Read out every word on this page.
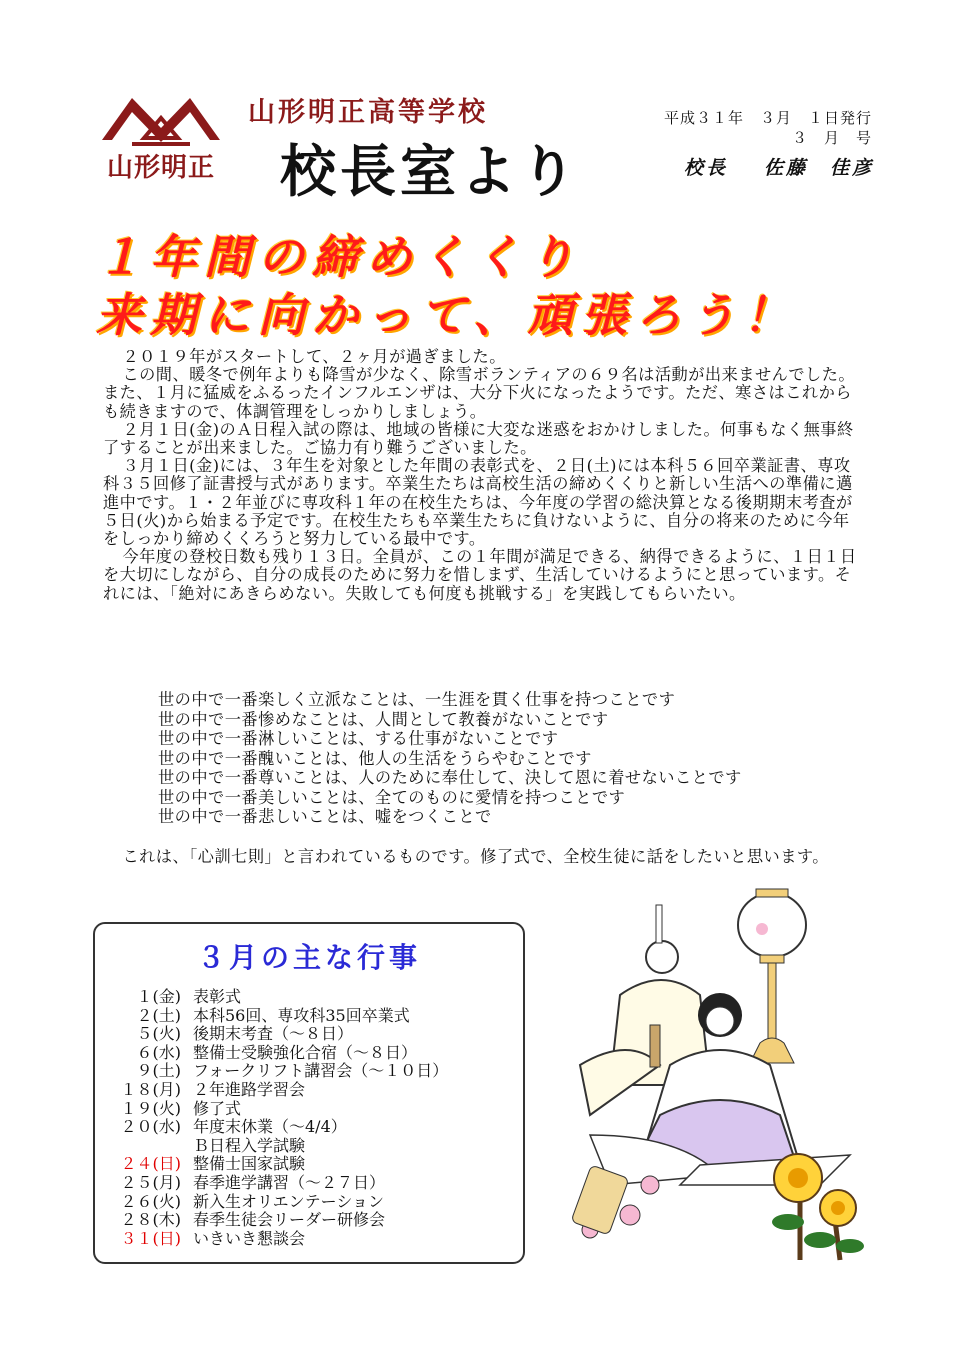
山形明正
山形明正高等学校
校長室より
平成３１年　３月　１日発行
３　月　号
校長 佐藤　佳彦
１年間の締めくくり
来期に向かって、頑張ろう！

２０１９年がスタートして、２ヶ月が過ぎました。

この間、暖冬で例年よりも降雪が少なく、除雪ボランティアの６９名は活動が出来ませんでした。また、１月に猛威をふるったインフルエンザは、大分下火になったようです。ただ、寒さはこれからも続きますので、体調管理をしっかりしましょう。

２月１日(金)のＡ日程入試の際は、地域の皆様に大変な迷惑をおかけしました。何事もなく無事終了することが出来ました。ご協力有り難うございました。

３月１日(金)には、３年生を対象とした年間の表彰式を、２日(土)には本科５６回卒業証書、専攻科３５回修了証書授与式があります。卒業生たちは高校生活の締めくくりと新しい生活への準備に邁進中です。１・２年並びに専攻科１年の在校生たちは、今年度の学習の総決算となる後期期末考査が５日(火)から始まる予定です。在校生たちも卒業生たちに負けないように、自分の将来のために今年をしっかり締めくくろうと努力している最中です。

今年度の登校日数も残り１３日。全員が、この１年間が満足できる、納得できるように、１日１日を大切にしながら、自分の成長のために努力を惜しまず、生活していけるようにと思っています。それには、「絶対にあきらめない。失敗しても何度も挑戦する」を実践してもらいたい。

世の中で一番楽しく立派なことは、一生涯を貫く仕事を持つことです
世の中で一番惨めなことは、人間として教養がないことです
世の中で一番淋しいことは、する仕事がないことです
世の中で一番醜いことは、他人の生活をうらやむことです
世の中で一番尊いことは、人のために奉仕して、決して恩に着せないことです
世の中で一番美しいことは、全てのものに愛情を持つことです
世の中で一番悲しいことは、嘘をつくことで
これは、「心訓七則」と言われているものです。修了式で、全校生徒に話をしたいと思います。
３月の主な行事
１(金) 表彰式
２(土) 本科56回、専攻科35回卒業式
５(火) 後期末考査（～８日）
６(水) 整備士受験強化合宿（～８日）
９(土) フォークリフト講習会（～１０日）
１８(月) ２年進路学習会
１９(火) 修了式
２０(水) 年度末休業（～4/4）
Ｂ日程入学試験
２４(日) 整備士国家試験
２５(月) 春季進学講習（～２７日）
２６(火) 新入生オリエンテーション
２８(木) 春季生徒会リーダー研修会
３１(日) いきいき懇談会
